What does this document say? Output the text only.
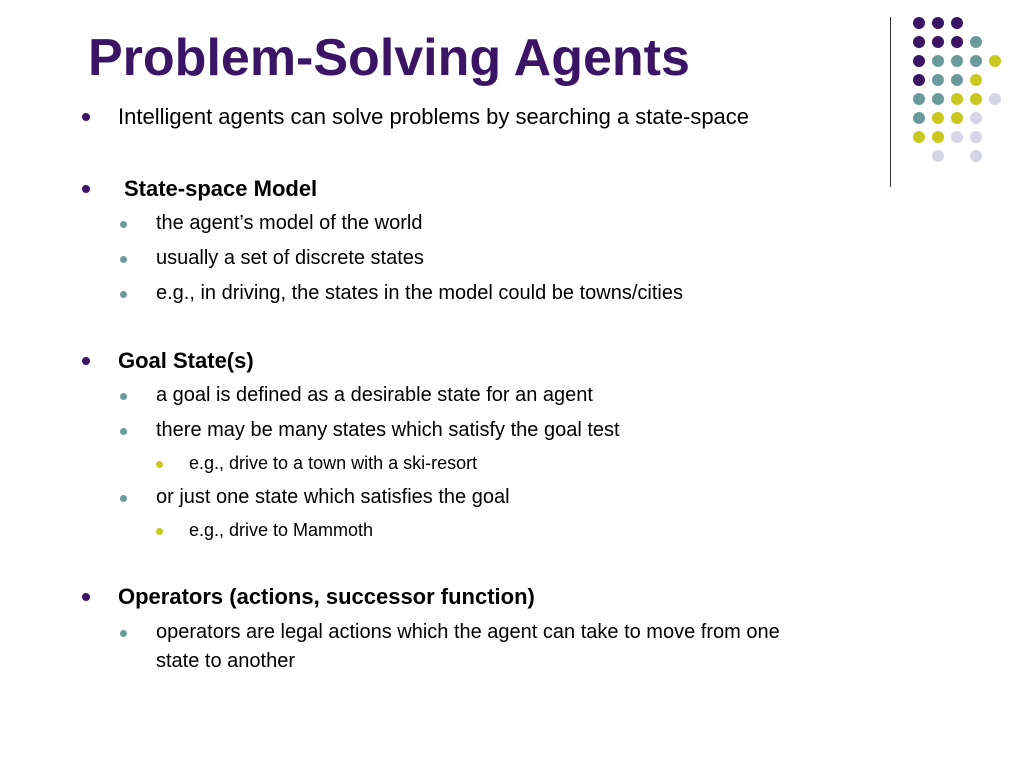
Problem-Solving Agents
Intelligent agents can solve problems by searching a state-space
State-space Model
the agent’s model of the world
usually a set of discrete states
e.g., in driving, the states in the model could be towns/cities
Goal State(s)
a goal is defined as a desirable state for an agent
there may be many states which satisfy the goal test
e.g., drive to a town with a ski-resort
or just one state which satisfies the goal
e.g., drive to Mammoth
Operators (actions, successor function)
operators are legal actions which the agent can take to move from one
state to another
